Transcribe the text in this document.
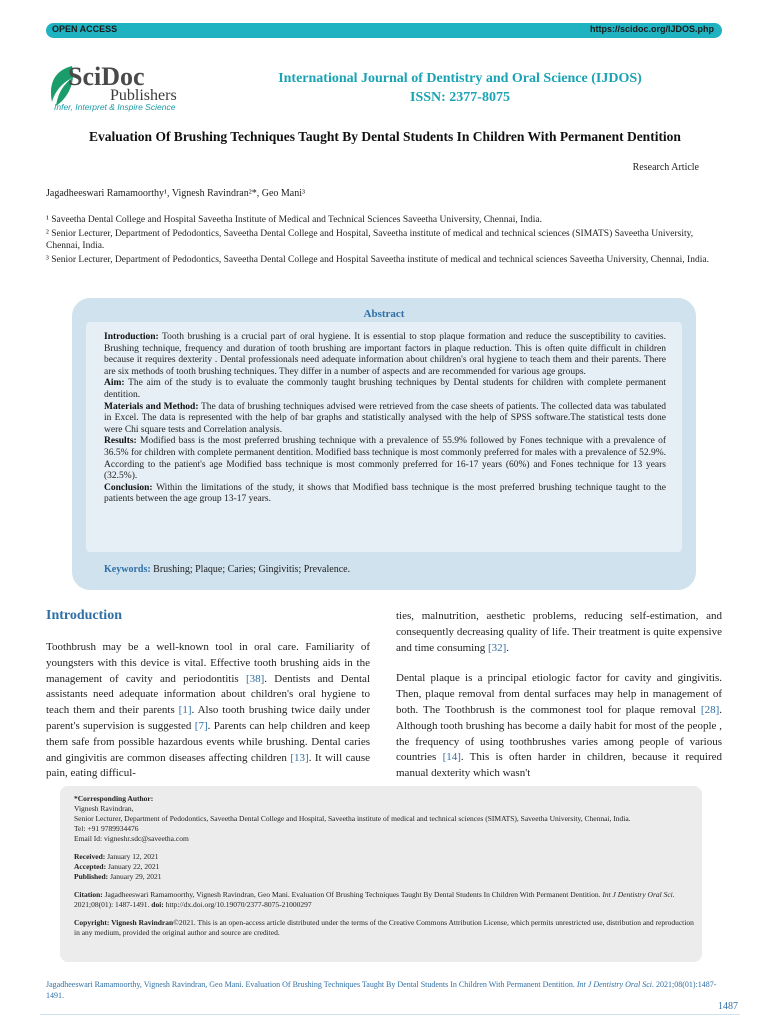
OPEN ACCESS	https://scidoc.org/IJDOS.php
SciDoc
Publishers
Infer, Interpret & Inspire Science
International Journal of Dentistry and Oral Science (IJDOS)
ISSN: 2377-8075
Evaluation Of Brushing Techniques Taught By Dental Students In Children With Permanent Dentition
Research Article
Jagadheeswari Ramamoorthy¹, Vignesh Ravindran²*, Geo Mani³
¹ Saveetha Dental College and Hospital Saveetha Institute of Medical and Technical Sciences Saveetha University, Chennai, India.
² Senior Lecturer, Department of Pedodontics, Saveetha Dental College and Hospital, Saveetha institute of medical and technical sciences (SIMATS) Saveetha University, Chennai, India.
³ Senior Lecturer, Department of Pedodontics, Saveetha Dental College and Hospital Saveetha institute of medical and technical sciences Saveetha University, Chennai, India.
Abstract

Introduction: Tooth brushing is a crucial part of oral hygiene. It is essential to stop plaque formation and reduce the susceptibility to cavities. Brushing technique, frequency and duration of tooth brushing are important factors in plaque reduction. This is often quite difficult in children because it requires dexterity . Dental professionals need adequate information about children's oral hygiene to teach them and their parents. There are six methods of tooth brushing techniques. They differ in a number of aspects and are recommended for various age groups.

Aim: The aim of the study is to evaluate the commonly taught brushing techniques by Dental students for children with complete permanent dentition.

Materials and Method: The data of brushing techniques advised were retrieved from the case sheets of patients. The collected data was tabulated in Excel. The data is represented with the help of bar graphs and statistically analysed with the help of SPSS software.The statistical tests done were Chi square tests and Correlation analysis.

Results: Modified bass is the most preferred brushing technique with a prevalence of 55.9% followed by Fones technique with a prevalence of 36.5% for children with complete permanent dentition. Modified bass technique is most commonly preferred for males with a prevalence of 52.9%. According to the patient's age Modified bass technique is most commonly preferred for 16-17 years (60%) and Fones technique for 13 years (32.5%).

Conclusion: Within the limitations of the study, it shows that Modified bass technique is the most preferred brushing technique taught to the patients between the age group 13-17 years.

Keywords: Brushing; Plaque; Caries; Gingivitis; Prevalence.
Introduction

Toothbrush may be a well-known tool in oral care. Familiarity of youngsters with this device is vital. Effective tooth brushing aids in the management of cavity and periodontitis [38]. Dentists and Dental assistants need adequate information about children's oral hygiene to teach them and their parents [1]. Also tooth brushing twice daily under parent's supervision is suggested [7]. Parents can help children and keep them safe from possible hazardous events while brushing. Dental caries and gingivitis are common diseases affecting children [13]. It will cause pain, eating difficul-

ties, malnutrition, aesthetic problems, reducing self-estimation, and consequently decreasing quality of life. Their treatment is quite expensive and time consuming [32].

Dental plaque is a principal etiologic factor for cavity and gingivitis. Then, plaque removal from dental surfaces may help in management of both. The Toothbrush is the commonest tool for plaque removal [28]. Although tooth brushing has become a daily habit for most of the people , the frequency of using toothbrushes varies among people of various countries [14]. This is often harder in children, because it required manual dexterity which wasn't

*Corresponding Author:

Vignesh Ravindran,

Senior Lecturer, Department of Pedodontics, Saveetha Dental College and Hospital, Saveetha institute of medical and technical sciences (SIMATS), Saveetha University, Chennai, India.

Tel: +91 9789934476

Email Id: vigneshr.sdc@saveetha.com

Received: January 12, 2021

Accepted: January 22, 2021

Published: January 29, 2021

Citation: Jagadheeswari Ramamoorthy, Vignesh Ravindran, Geo Mani. Evaluation Of Brushing Techniques Taught By Dental Students In Children With Permanent Dentition. Int J Dentistry Oral Sci. 2021;08(01): 1487-1491. doi: http://dx.doi.org/10.19070/2377-8075-21000297

Copyright: Vignesh Ravindran©2021. This is an open-access article distributed under the terms of the Creative Commons Attribution License, which permits unrestricted use, distribution and reproduction in any medium, provided the original author and source are credited.

Jagadheeswari Ramamoorthy, Vignesh Ravindran, Geo Mani. Evaluation Of Brushing Techniques Taught By Dental Students In Children With Permanent Dentition. Int J Dentistry Oral Sci. 2021;08(01):1487-1491.
1487
